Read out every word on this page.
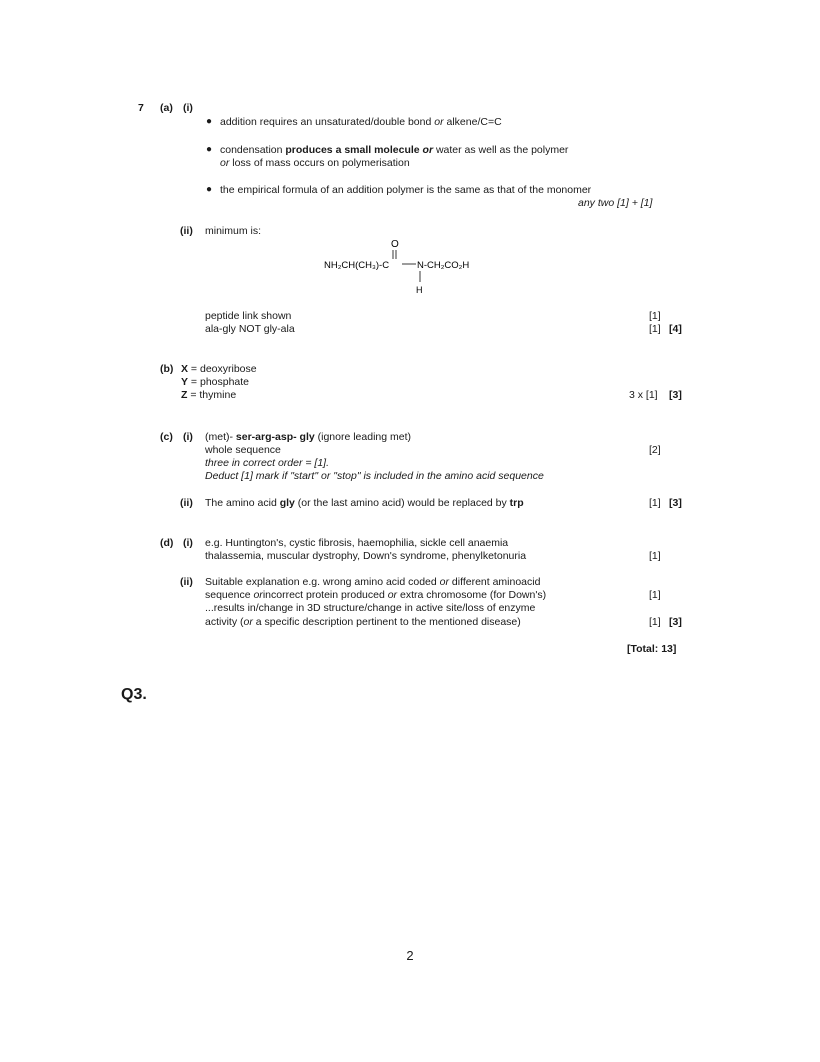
7 (a) (i)
● addition requires an unsaturated/double bond or alkene/C=C
● condensation produces a small molecule or water as well as the polymer
or loss of mass occurs on polymerisation
● the empirical formula of an addition polymer is the same as that of the monomer
any two [1] + [1]
(ii) minimum is:
O
NH₂CH(CH₃)-C	N-CH₂CO₂H
H
peptide link shown	[1]
ala-gly NOT gly-ala	[1] [4]
(b) X = deoxyribose
Y = phosphate
Z = thymine	3 x [1] [3]
(c) (i) (met)- ser-arg-asp- gly (ignore leading met)
whole sequence	[2]
three in correct order = [1].
Deduct [1] mark if "start" or "stop" is included in the amino acid sequence
(ii) The amino acid gly (or the last amino acid) would be replaced by trp	[1] [3]
(d) (i) e.g. Huntington's, cystic fibrosis, haemophilia, sickle cell anaemia
thalassemia, muscular dystrophy, Down's syndrome, phenylketonuria	[1]
(ii) Suitable explanation e.g. wrong amino acid coded or different aminoacid
sequence orincorrect protein produced or extra chromosome (for Down's)	[1]
...results in/change in 3D structure/change in active site/loss of enzyme
activity (or a specific description pertinent to the mentioned disease)	[1] [3]
[Total: 13]
Q3.
2
